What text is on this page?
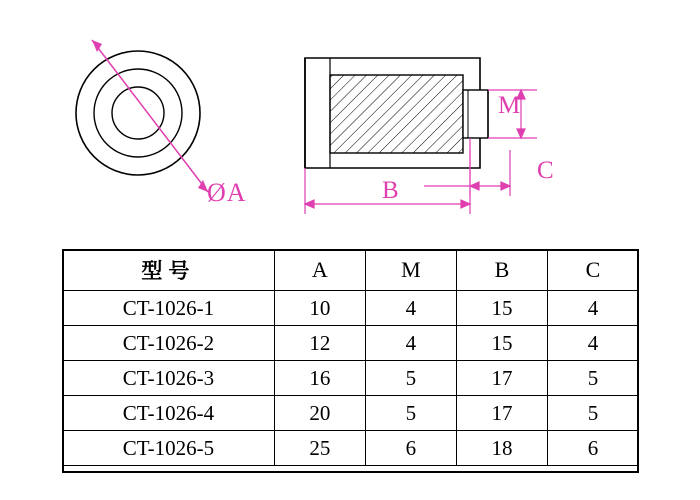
ØA
M
C
B
型号	A	M	B	C
CT-1026-1	10	4	15	4
CT-1026-2	12	4	15	4
CT-1026-3	16	5	17	5
CT-1026-4	20	5	17	5
CT-1026-5	25	6	18	6
